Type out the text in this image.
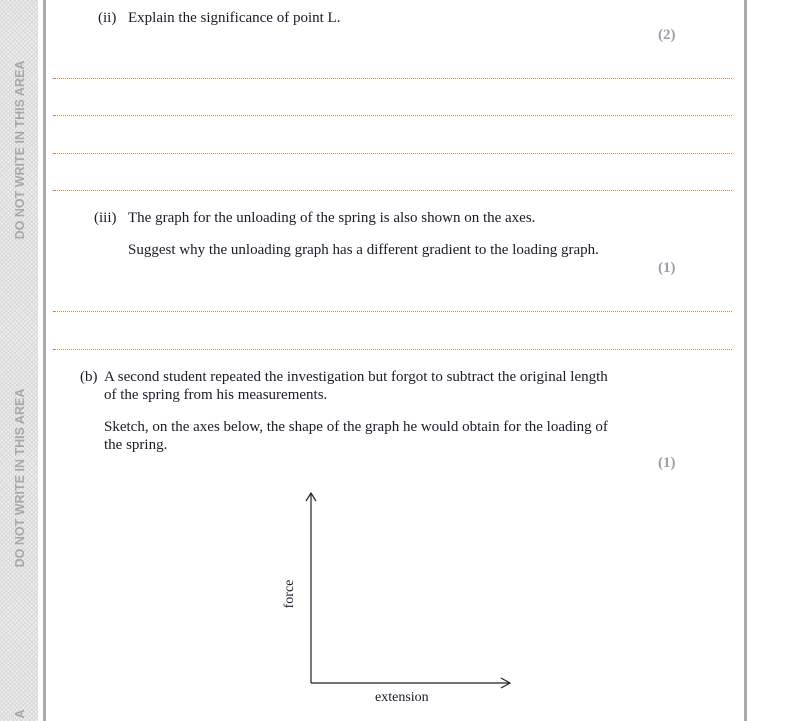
DO NOT WRITE IN THIS AREA
DO NOT WRITE IN THIS AREA
A
(ii) Explain the significance of point L.
(2)
(iii) The graph for the unloading of the spring is also shown on the axes.
Suggest why the unloading graph has a different gradient to the loading graph.
(1)
(b) A second student repeated the investigation but forgot to subtract the original length
of the spring from his measurements.
Sketch, on the axes below, the shape of the graph he would obtain for the loading of
the spring.
(1)
force
extension
